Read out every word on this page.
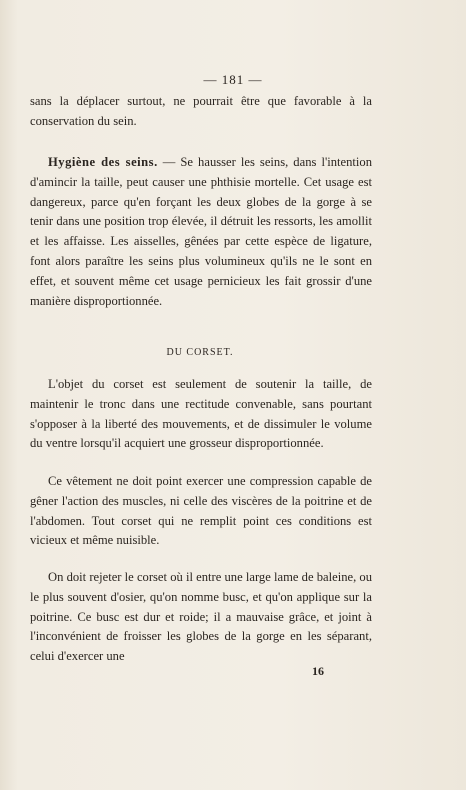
— 181 —

sans la déplacer surtout, ne pourrait être que favorable à la conservation du sein.

Hygiène des seins. — Se hausser les seins, dans l'intention d'amincir la taille, peut causer une phthisie mortelle. Cet usage est dangereux, parce qu'en forçant les deux globes de la gorge à se tenir dans une position trop élevée, il détruit les ressorts, les amollit et les affaisse. Les aisselles, gênées par cette espèce de ligature, font alors paraître les seins plus volumineux qu'ils ne le sont en effet, et souvent même cet usage pernicieux les fait grossir d'une manière disproportionnée.
DU CORSET.

L'objet du corset est seulement de soutenir la taille, de maintenir le tronc dans une rectitude convenable, sans pourtant s'opposer à la liberté des mouvements, et de dissimuler le volume du ventre lorsqu'il acquiert une grosseur disproportionnée.

Ce vêtement ne doit point exercer une compression capable de gêner l'action des muscles, ni celle des viscères de la poitrine et de l'abdomen. Tout corset qui ne remplit point ces conditions est vicieux et même nuisible.

On doit rejeter le corset où il entre une large lame de baleine, ou le plus souvent d'osier, qu'on nomme busc, et qu'on applique sur la poitrine. Ce busc est dur et roide; il a mauvaise grâce, et joint à l'inconvénient de froisser les globes de la gorge en les séparant, celui d'exercer une

16
